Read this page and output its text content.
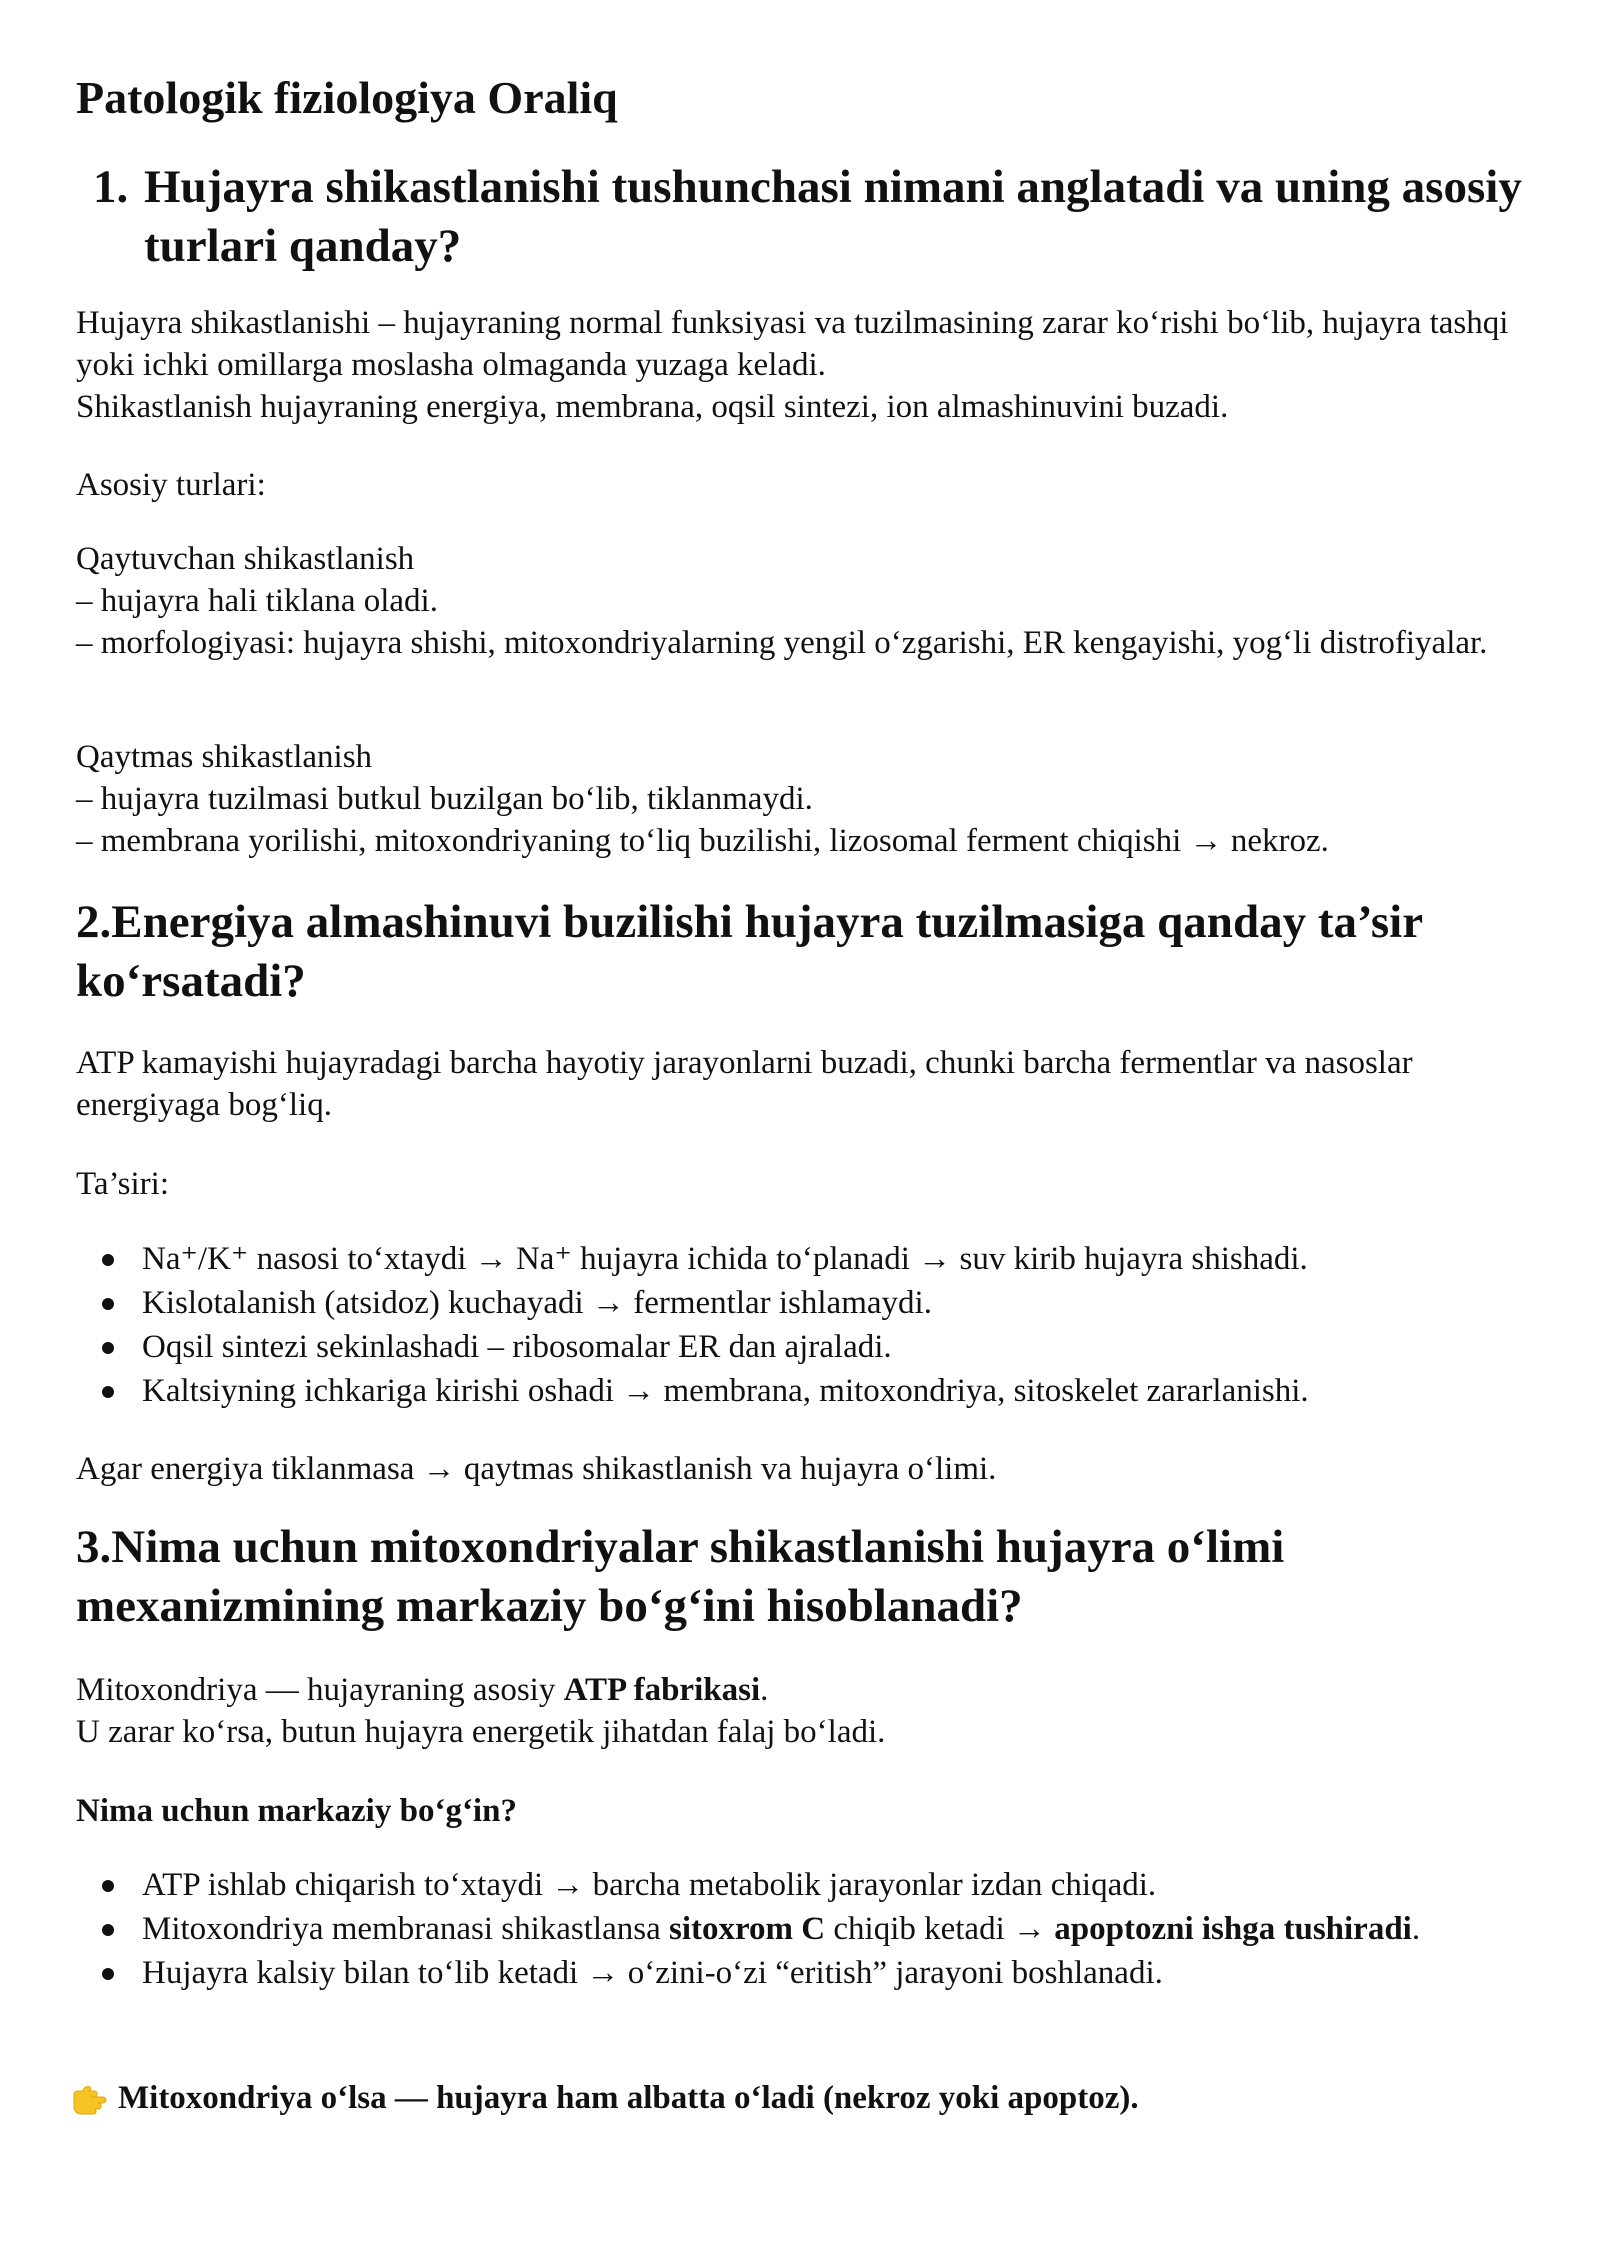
Patologik fiziologiya Oraliq
1. Hujayra shikastlanishi tushunchasi nimani anglatadi va uning asosiy turlari qanday?

Hujayra shikastlanishi – hujayraning normal funksiyasi va tuzilmasining zarar ko‘rishi bo‘lib, hujayra tashqi yoki ichki omillarga moslasha olmaganda yuzaga keladi.

Shikastlanish hujayraning energiya, membrana, oqsil sintezi, ion almashinuvini buzadi.

Asosiy turlari:

Qaytuvchan shikastlanish

– hujayra hali tiklana oladi.

– morfologiyasi: hujayra shishi, mitoxondriyalarning yengil o‘zgarishi, ER kengayishi, yog‘li distrofiyalar.

Qaytmas shikastlanish

– hujayra tuzilmasi butkul buzilgan bo‘lib, tiklanmaydi.

– membrana yorilishi, mitoxondriyaning to‘liq buzilishi, lizosomal ferment chiqishi → nekroz.

2.Energiya almashinuvi buzilishi hujayra tuzilmasiga qanday ta’sir ko‘rsatadi?

ATP kamayishi hujayradagi barcha hayotiy jarayonlarni buzadi, chunki barcha fermentlar va nasoslar energiyaga bog‘liq.

Ta’siri:

Na⁺/K⁺ nasosi to‘xtaydi → Na⁺ hujayra ichida to‘planadi → suv kirib hujayra shishadi.
Kislotalanish (atsidoz) kuchayadi → fermentlar ishlamaydi.
Oqsil sintezi sekinlashadi – ribosomalar ER dan ajraladi.
Kaltsiyning ichkariga kirishi oshadi → membrana, mitoxondriya, sitoskelet zararlanishi.

Agar energiya tiklanmasa → qaytmas shikastlanish va hujayra o‘limi.

3.Nima uchun mitoxondriyalar shikastlanishi hujayra o‘limi mexanizmining markaziy bo‘g‘ini hisoblanadi?

Mitoxondriya — hujayraning asosiy ATP fabrikasi.

U zarar ko‘rsa, butun hujayra energetik jihatdan falaj bo‘ladi.

Nima uchun markaziy bo‘g‘in?

ATP ishlab chiqarish to‘xtaydi → barcha metabolik jarayonlar izdan chiqadi.
Mitoxondriya membranasi shikastlansa sitoxrom C chiqib ketadi → apoptozni ishga tushiradi.
Hujayra kalsiy bilan to‘lib ketadi → o‘zini-o‘zi “eritish” jarayoni boshlanadi.
Mitoxondriya o‘lsa — hujayra ham albatta o‘ladi (nekroz yoki apoptoz).
